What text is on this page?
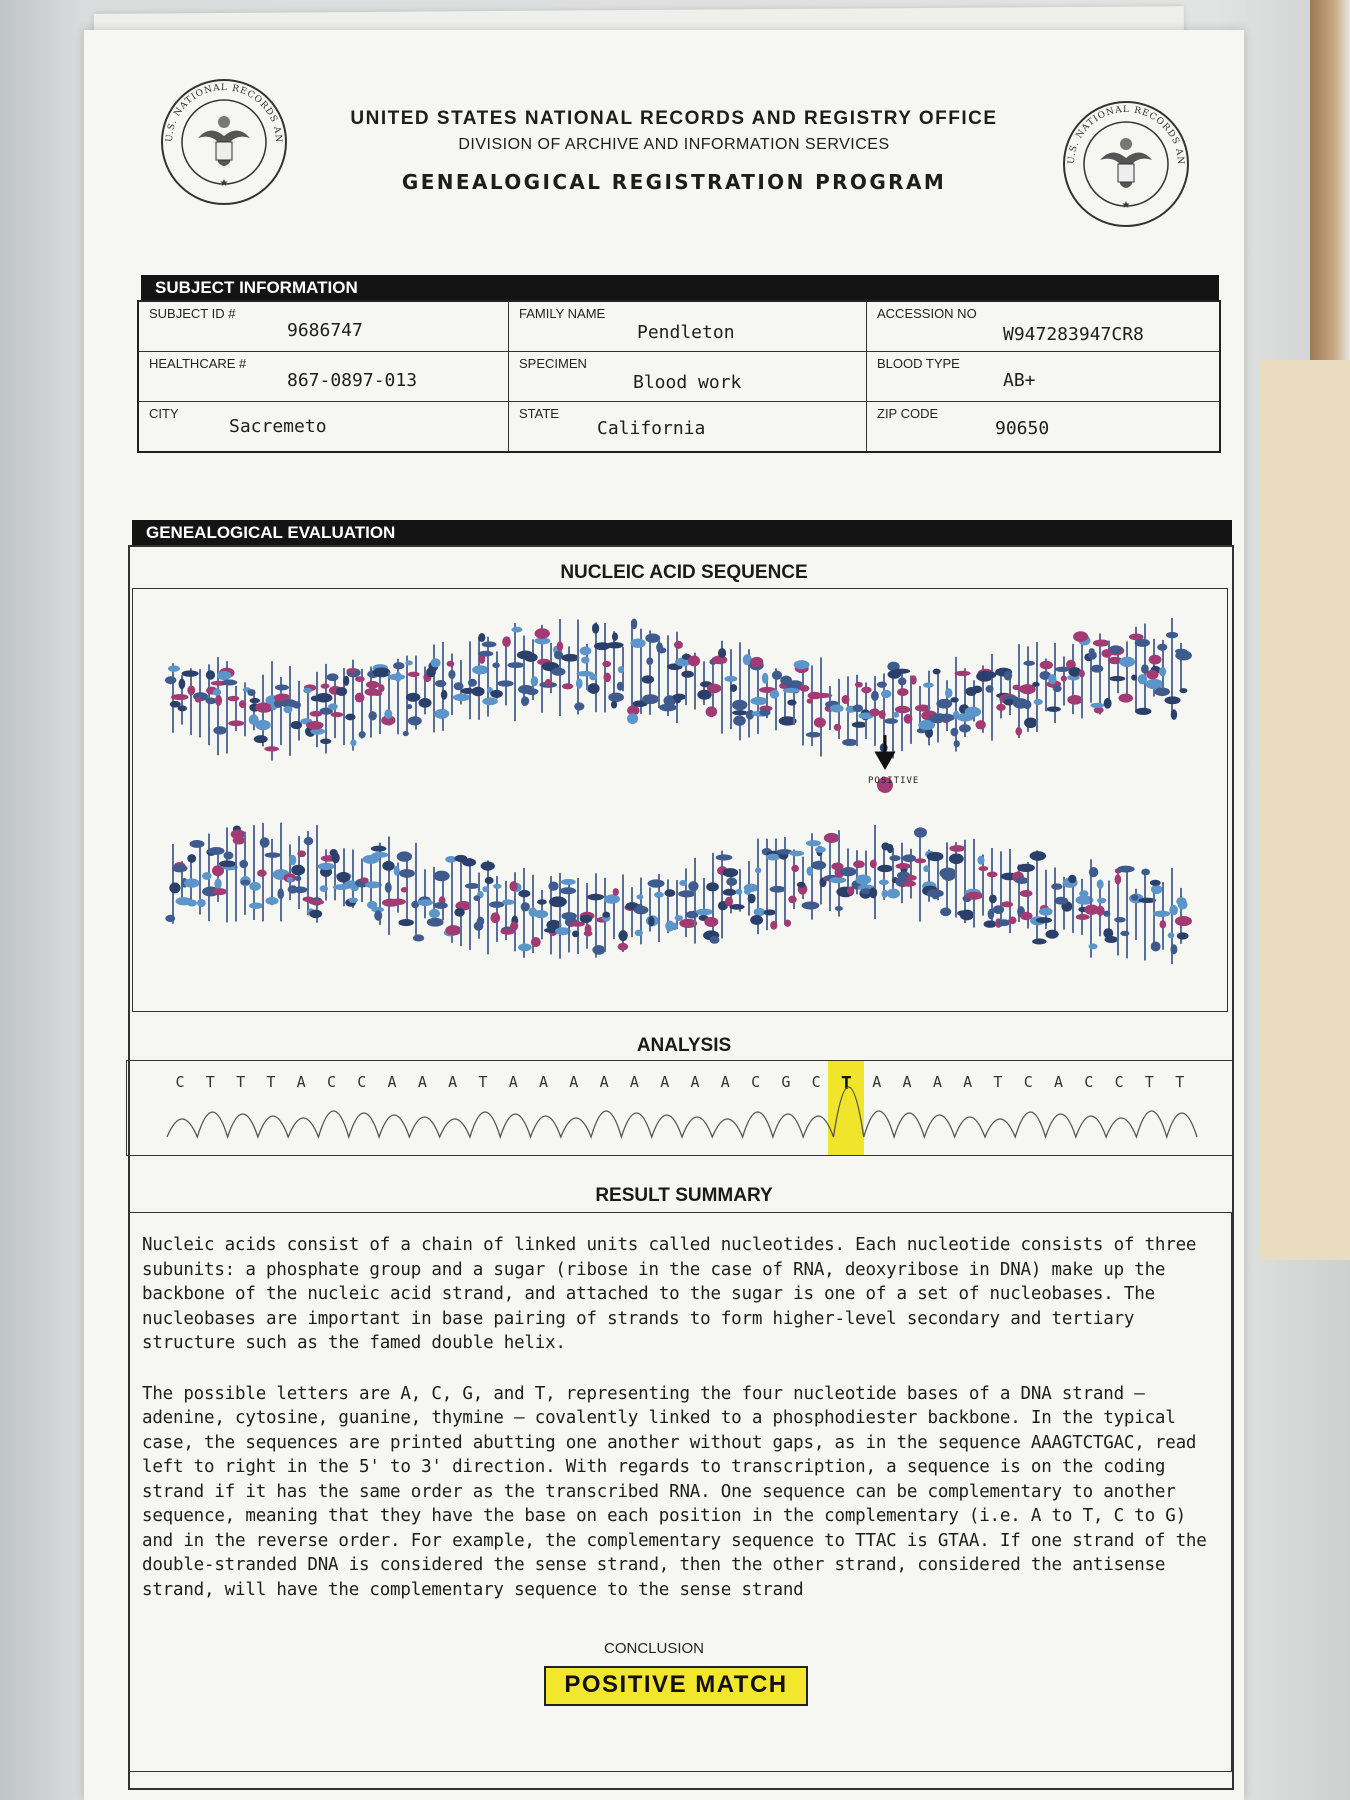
U.S. NATIONAL RECORDS AN
★
U.S. NATIONAL RECORDS AN
★
UNITED STATES NATIONAL RECORDS AND REGISTRY OFFICE
DIVISION OF ARCHIVE AND INFORMATION SERVICES
GENEALOGICAL REGISTRATION PROGRAM
SUBJECT INFORMATION
SUBJECT ID #
9686747
FAMILY NAME
Pendleton
ACCESSION NO
W947283947CR8
HEALTHCARE #
867-0897-013
SPECIMEN
Blood work
BLOOD TYPE
AB+
CITY
Sacremeto
STATE
California
ZIP CODE
90650
GENEALOGICAL EVALUATION
NUCLEIC ACID SEQUENCE
POSITIVE
ANALYSIS
C	T	T	T	A	C	C	A	A	A	T	A	A	A	A	A	A	A	A	C	G	C	T	A	A	A	A	T	C	A	C	C	T	T
RESULT SUMMARY

Nucleic acids consist of a chain of linked units called nucleotides. Each nucleotide consists of three subunits: a phosphate group and a sugar (ribose in the case of RNA, deoxyribose in DNA) make up the backbone of the nucleic acid strand, and attached to the sugar is one of a set of nucleobases. The nucleobases are important in base pairing of strands to form higher-level secondary and tertiary structure such as the famed double helix.

The possible letters are A, C, G, and T, representing the four nucleotide bases of a DNA strand – adenine, cytosine, guanine, thymine – covalently linked to a phosphodiester backbone. In the typical case, the sequences are printed abutting one another without gaps, as in the sequence AAAGTCTGAC, read left to right in the 5' to 3' direction. With regards to transcription, a sequence is on the coding strand if it has the same order as the transcribed RNA. One sequence can be complementary to another sequence, meaning that they have the base on each position in the complementary (i.e. A to T, C to G) and in the reverse order. For example, the complementary sequence to TTAC is GTAA. If one strand of the double-stranded DNA is considered the sense strand, then the other strand, considered the antisense strand, will have the complementary sequence to the sense strand

CONCLUSION
POSITIVE MATCH
